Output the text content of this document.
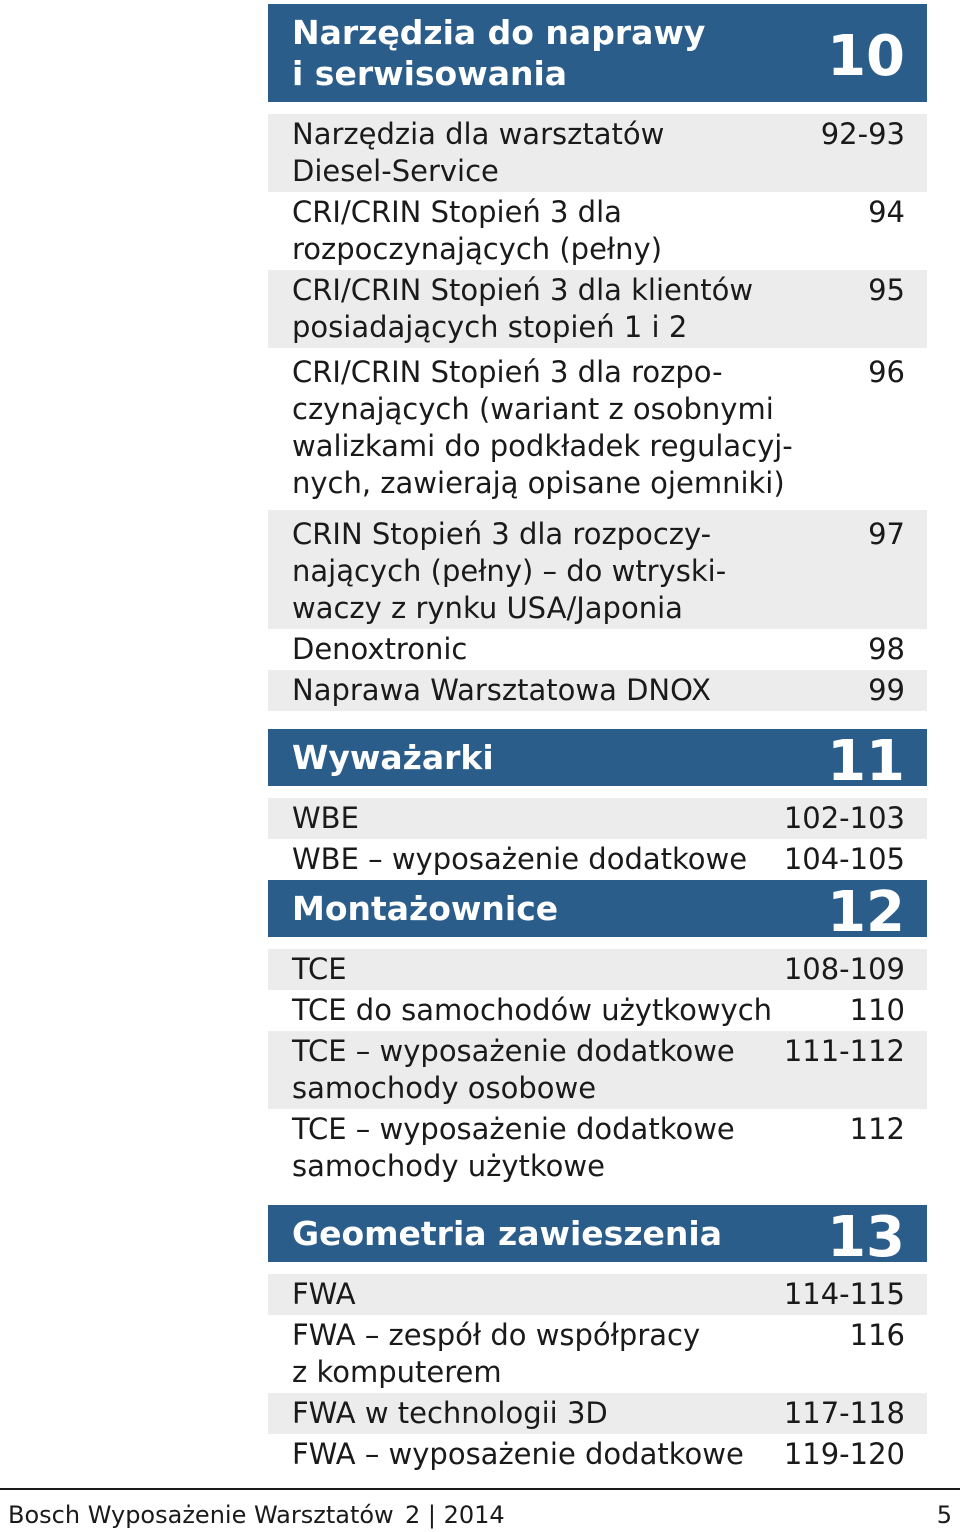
Narzędzia do naprawy
i serwisowania	10
Narzędzia dla warsztatów
Diesel-Service
92-93
CRI/CRIN Stopień 3 dla
rozpoczynających (pełny)
94
CRI/CRIN Stopień 3 dla klientów
posiadających stopień 1 i 2
95
CRI/CRIN Stopień 3 dla rozpo-
czynających (wariant z osobnymi
walizkami do podkładek regulacyj-
nych, zawierają opisane ojemniki)
96
CRIN Stopień 3 dla rozpoczy-
nających (pełny) – do wtryski-
waczy z rynku USA/Japonia
97
Denoxtronic	98
Naprawa Warsztatowa DNOX	99
Wyważarki	11
WBE	102-103
WBE – wyposażenie dodatkowe	104-105
Montażownice	12
TCE	108-109
TCE do samochodów użytkowych	110
TCE – wyposażenie dodatkowe
samochody osobowe
111-112
TCE – wyposażenie dodatkowe
samochody użytkowe
112
Geometria zawieszenia 13
FWA	114-115
FWA – zespół do współpracy
z komputerem
116
FWA w technologii 3D	117-118
FWA – wyposażenie dodatkowe	119-120
Bosch Wyposażenie Warsztatów 2 | 2014	5
